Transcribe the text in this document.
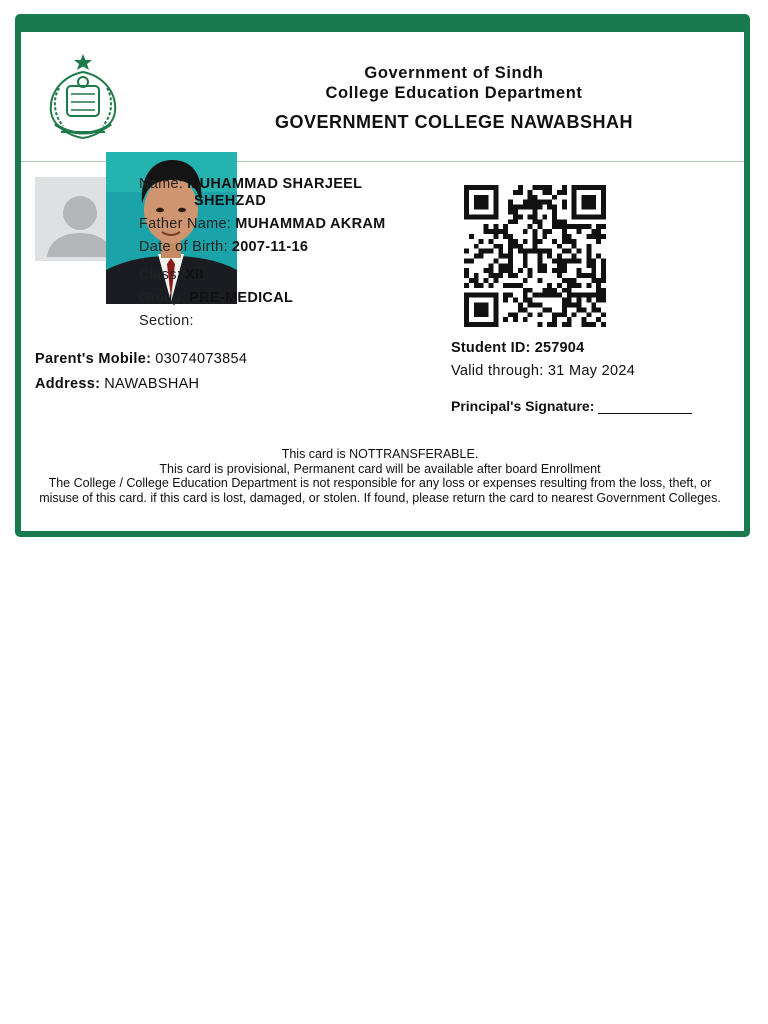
Government of Sindh
College Education Department
GOVERNMENT COLLEGE NAWABSHAH
Name: MUHAMMAD SHARJEEL
SHEHZAD
Father Name: MUHAMMAD AKRAM
Date of Birth: 2007-11-16
Class: XII
Group: PRE-MEDICAL
Section:
Parent's Mobile: 03074073854
Address: NAWABSHAH
Student ID: 257904
Valid through: 31 May 2024
Principal's Signature:
This card is NOTTRANSFERABLE.
This card is provisional, Permanent card will be available after board Enrollment
The College / College Education Department is not responsible for any loss or expenses resulting from the loss, theft, or misuse of this card. if this card is lost, damaged, or stolen. If found, please return the card to nearest Government Colleges.
